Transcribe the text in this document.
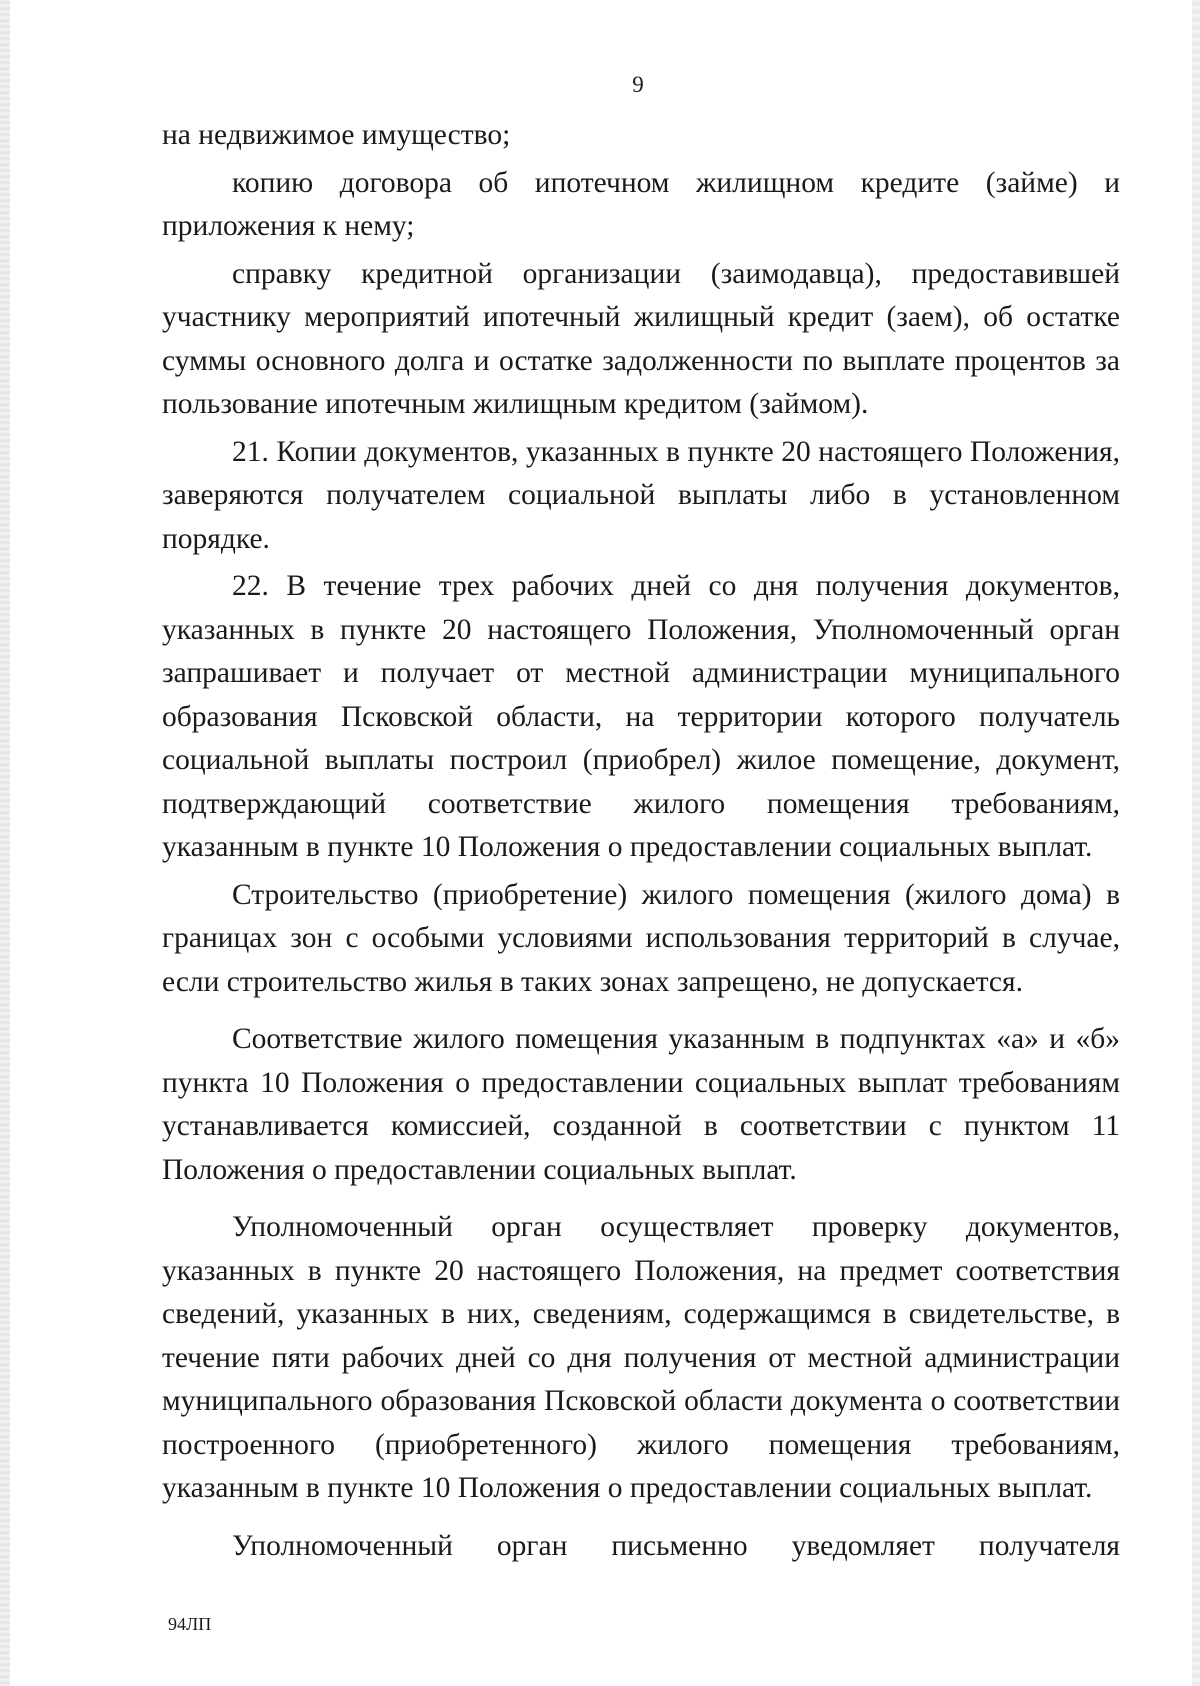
9

на недвижимое имущество;

копию договора об ипотечном жилищном кредите (займе) и приложения к нему;

справку кредитной организации (заимодавца), предоставившей участнику мероприятий ипотечный жилищный кредит (заем), об остатке суммы основного долга и остатке задолженности по выплате процентов за пользование ипотечным жилищным кредитом (займом).

21. Копии документов, указанных в пункте 20 настоящего Положения, заверяются получателем социальной выплаты либо в установленном порядке.

22. В течение трех рабочих дней со дня получения документов, указанных в пункте 20 настоящего Положения, Уполномоченный орган запрашивает и получает от местной администрации муниципального образования Псковской области, на территории которого получатель социальной выплаты построил (приобрел) жилое помещение, документ, подтверждающий соответствие жилого помещения требованиям, указанным в пункте 10 Положения о предоставлении социальных выплат.

Строительство (приобретение) жилого помещения (жилого дома) в границах зон с особыми условиями использования территорий в случае, если строительство жилья в таких зонах запрещено, не допускается.

Соответствие жилого помещения указанным в подпунктах «а» и «б» пункта 10 Положения о предоставлении социальных выплат требованиям устанавливается комиссией, созданной в соответствии с пунктом 11 Положения о предоставлении социальных выплат.

Уполномоченный орган осуществляет проверку документов, указанных в пункте 20 настоящего Положения, на предмет соответствия сведений, указанных в них, сведениям, содержащимся в свидетельстве, в течение пяти рабочих дней со дня получения от местной администрации муниципального образования Псковской области документа о соответствии построенного (приобретенного) жилого помещения требованиям, указанным в пункте 10 Положения о предоставлении социальных выплат.

Уполномоченный орган письменно уведомляет получателя

94ЛП
